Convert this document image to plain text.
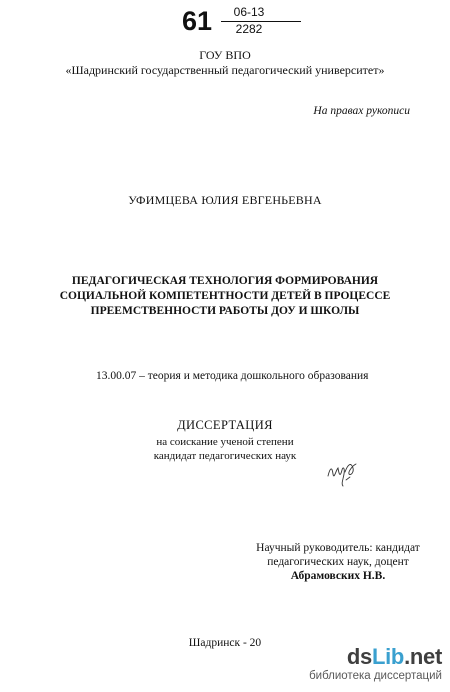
61	06-13
2282
ГОУ ВПО
«Шадринский государственный педагогический университет»
На правах рукописи
УФИМЦЕВА ЮЛИЯ ЕВГЕНЬЕВНА
ПЕДАГОГИЧЕСКАЯ ТЕХНОЛОГИЯ ФОРМИРОВАНИЯ
СОЦИАЛЬНОЙ КОМПЕТЕНТНОСТИ ДЕТЕЙ В ПРОЦЕССЕ
ПРЕЕМСТВЕННОСТИ РАБОТЫ ДОУ И ШКОЛЫ
13.00.07 – теория и методика дошкольного образования
ДИССЕРТАЦИЯ
на соискание ученой степени
кандидат педагогических наук
Научный руководитель: кандидат
педагогических наук, доцент
Абрамовских Н.В.
Шадринск - 20
dsLib.net
библиотека диссертаций
